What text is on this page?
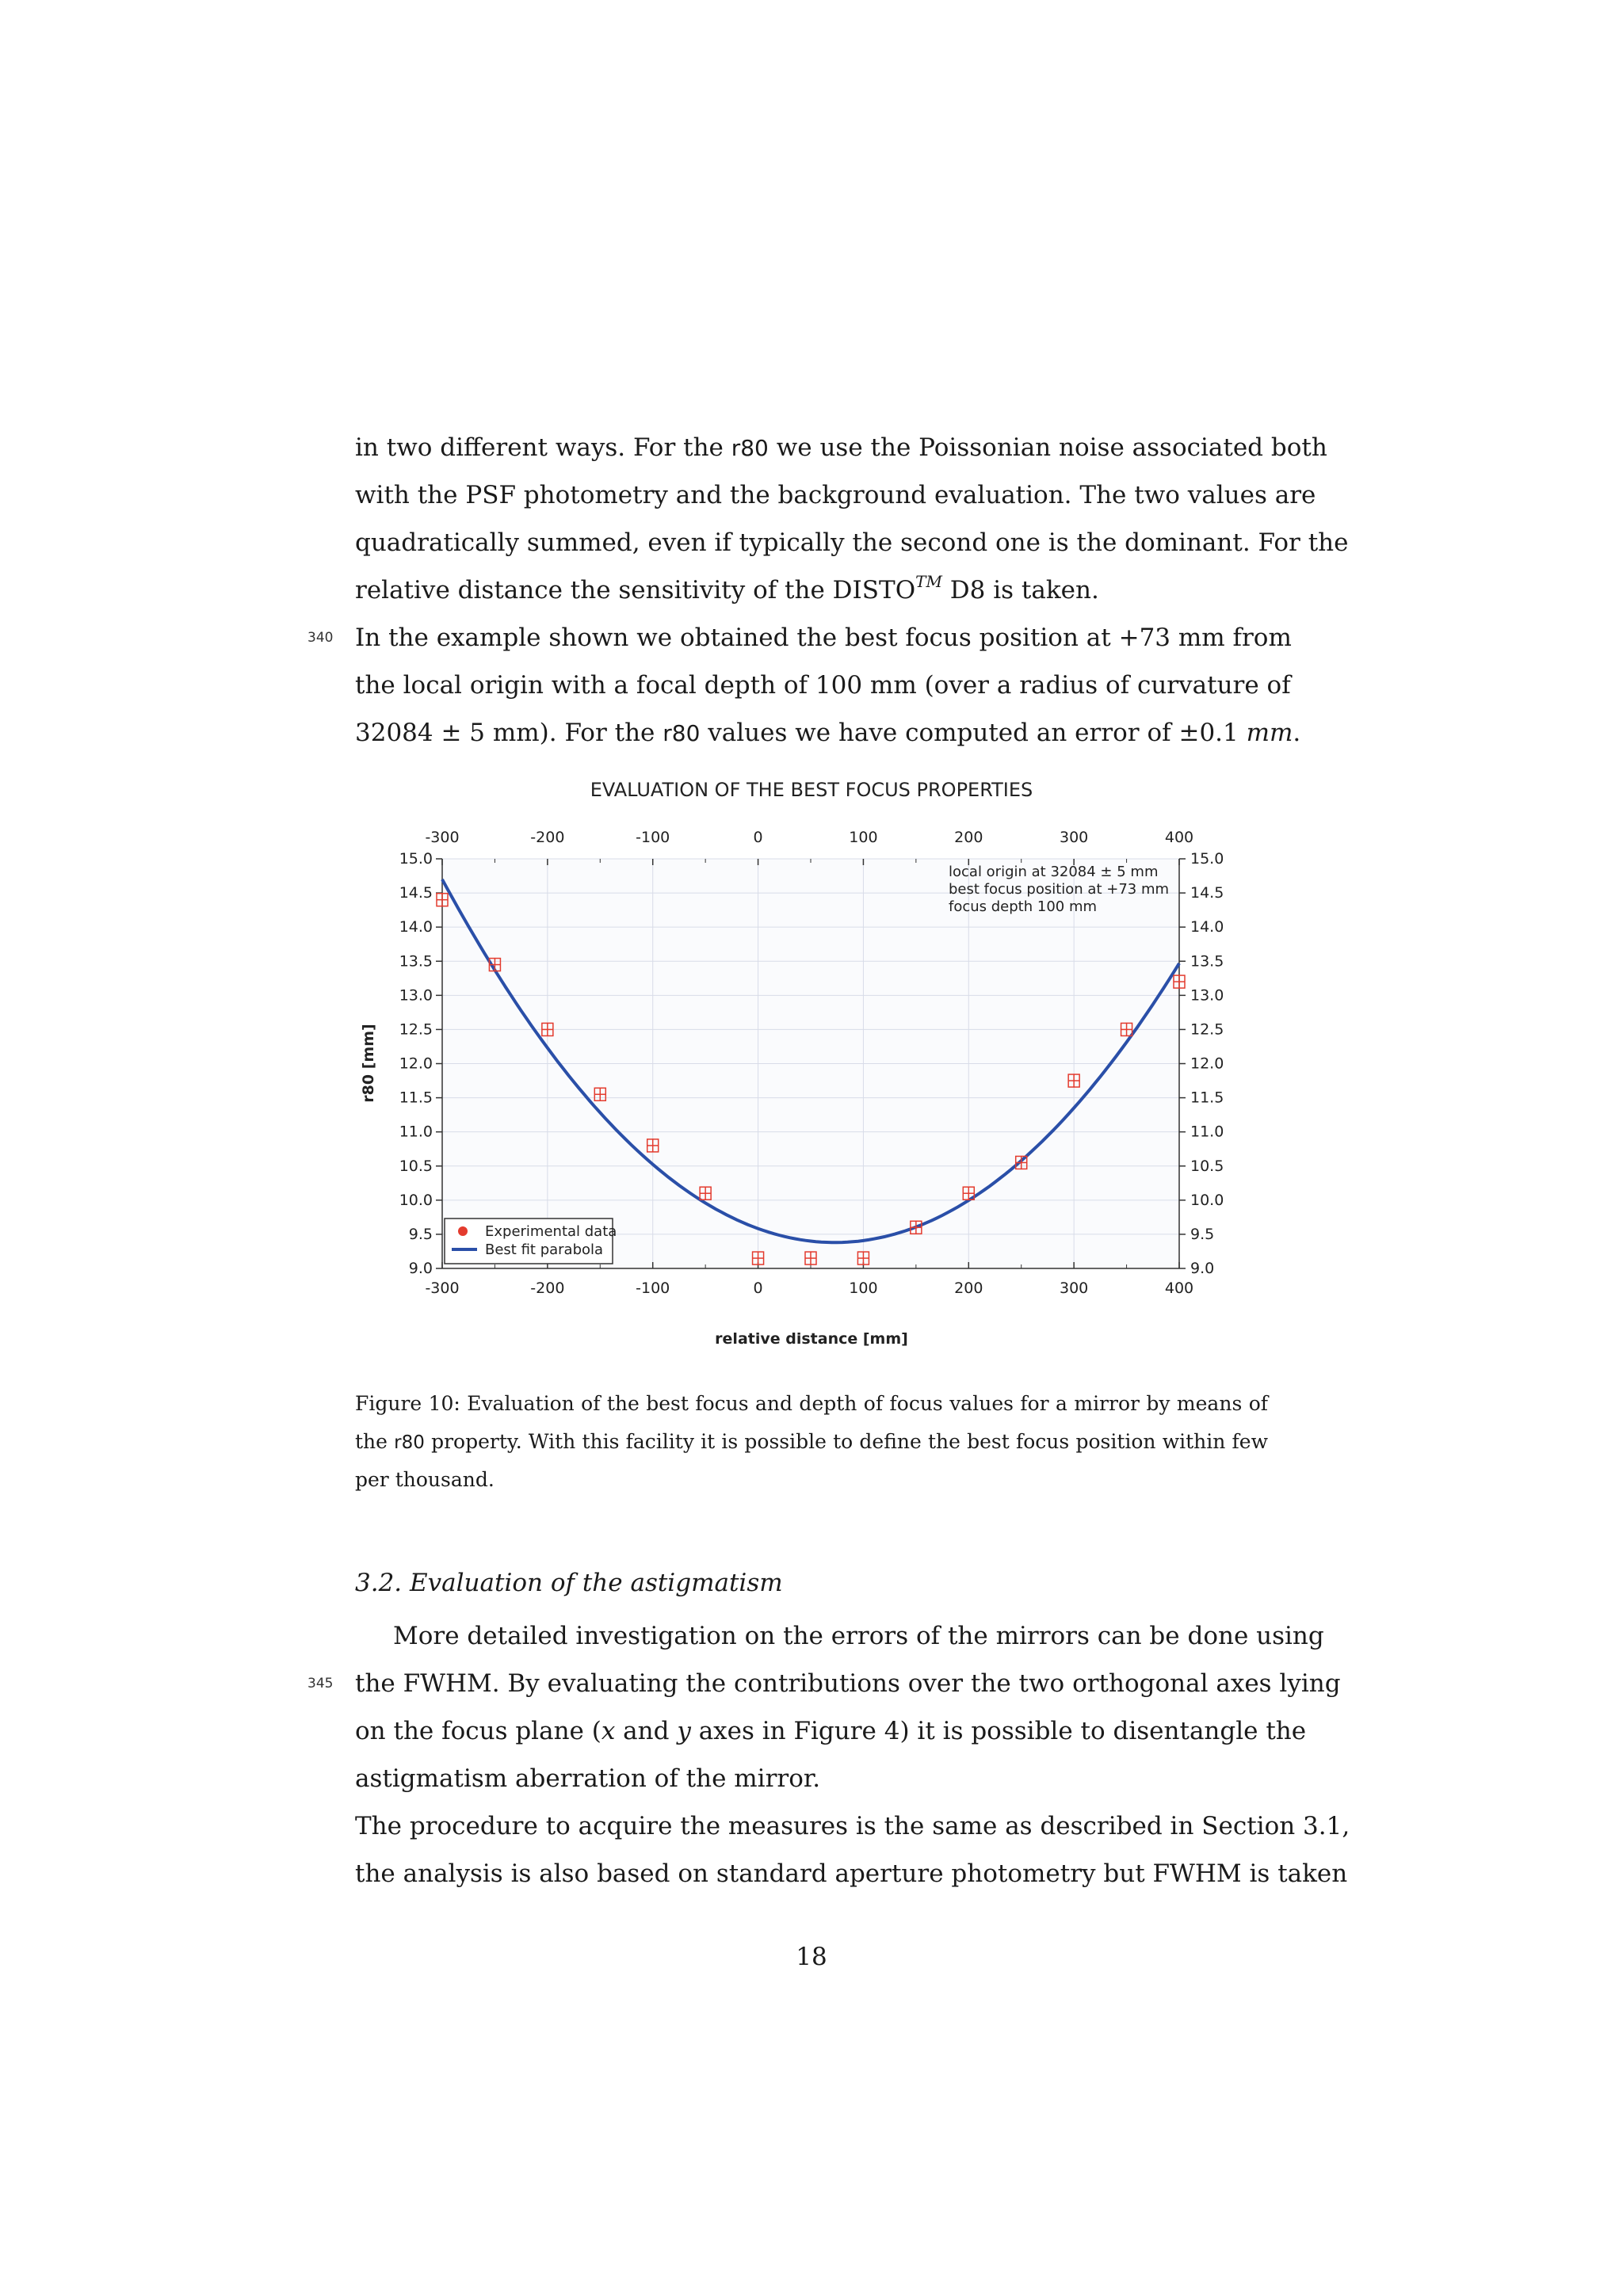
in two different ways. For the r80 we use the Poissonian noise associated both
with the PSF photometry and the background evaluation. The two values are
quadratically summed, even if typically the second one is the dominant. For the
relative distance the sensitivity of the DISTO™ D8 is taken.
340 In the example shown we obtained the best focus position at +73 mm from
the local origin with a focal depth of 100 mm (over a radius of curvature of
32084 ± 5 mm). For the r80 values we have computed an error of ±0.1 mm.
EVALUATION OF THE BEST FOCUS PROPERTIES
-300
-300
-200
-200
-100
-100
0
0
100
100
200
200
300
300
400
400
9.0	9.0
9.5	9.5
10.0	10.0
10.5	10.5
11.0	11.0
11.5	11.5
12.0	12.0
12.5	12.5
13.0	13.0
13.5	13.5
14.0	14.0
14.5	14.5
15.0	15.0
local origin at 32084 ± 5 mm
best focus position at +73 mm
focus depth 100 mm
Experimental data
Best fit parabola
relative distance [mm]
r80 [mm]
Figure 10: Evaluation of the best focus and depth of focus values for a mirror by means of
the r80 property. With this facility it is possible to define the best focus position within few
per thousand.
3.2. Evaluation of the astigmatism
345
More detailed investigation on the errors of the mirrors can be done using
the FWHM. By evaluating the contributions over the two orthogonal axes lying
on the focus plane (x and y axes in Figure 4) it is possible to disentangle the
astigmatism aberration of the mirror.
The procedure to acquire the measures is the same as described in Section 3.1,
the analysis is also based on standard aperture photometry but FWHM is taken
18
